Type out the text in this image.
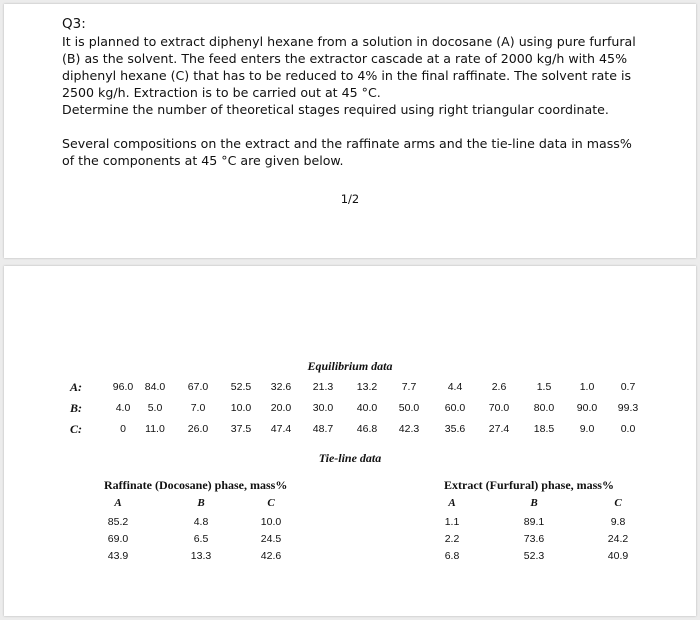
Q3:

It is planned to extract diphenyl hexane from a solution in docosane (A) using pure furfural
(B) as the solvent. The feed enters the extractor cascade at a rate of 2000 kg/h with 45%
diphenyl hexane (C) that has to be reduced to 4% in the final raffinate. The solvent rate is
2500 kg/h. Extraction is to be carried out at 45 °C.
Determine the number of theoretical stages required using right triangular coordinate.

Several compositions on the extract and the raffinate arms and the tie-line data in mass%
of the components at 45 °C are given below.

1/2
Equilibrium data
A:	96.0	84.0	67.0	52.5	32.6	21.3	13.2	7.7	4.4	2.6	1.5	1.0	0.7
B:	4.0	5.0	7.0	10.0	20.0	30.0	40.0	50.0	60.0	70.0	80.0	90.0	99.3
C:	0	11.0	26.0	37.5	47.4	48.7	46.8	42.3	35.6	27.4	18.5	9.0	0.0
Tie-line data
Raffinate (Docosane) phase, mass%
A	B	C
85.2	4.8	10.0
69.0	6.5	24.5
43.9	13.3	42.6
Extract (Furfural) phase, mass%
A	B	C
1.1	89.1	9.8
2.2	73.6	24.2
6.8	52.3	40.9
